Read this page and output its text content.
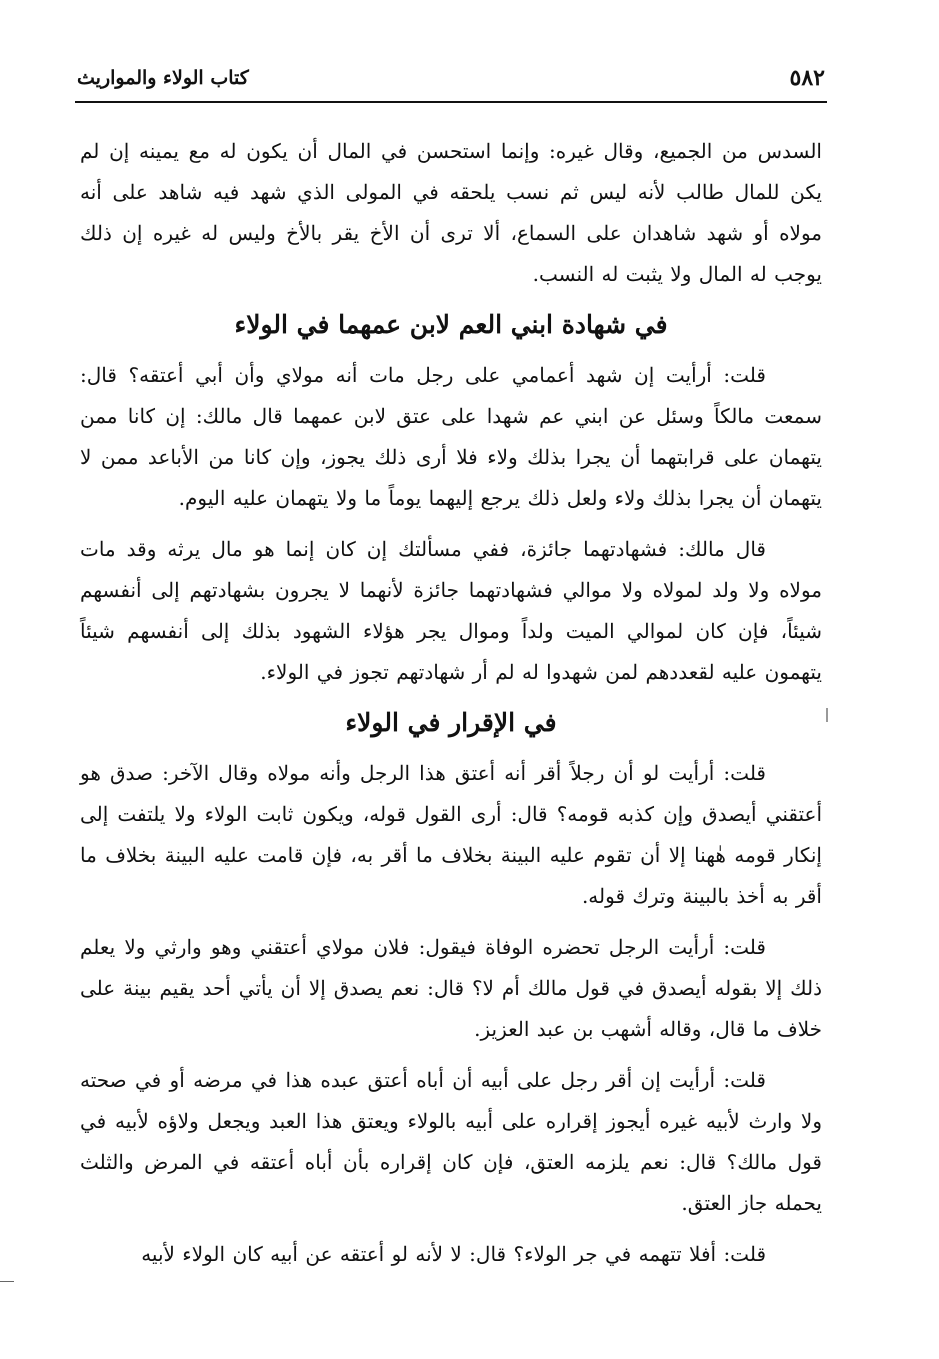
٥٨٢
كتاب الولاء والمواريث

السدس من الجميع، وقال غيره: وإنما استحسن في المال أن يكون له مع يمينه إن لم يكن للمال طالب لأنه ليس ثم نسب يلحقه في المولى الذي شهد فيه شاهد على أنه مولاه أو شهد شاهدان على السماع، ألا ترى أن الأخ يقر بالأخ وليس له غيره إن ذلك يوجب له المال ولا يثبت له النسب.

في شهادة ابني العم لابن عمهما في الولاء

قلت: أرأيت إن شهد أعمامي على رجل مات أنه مولاي وأن أبي أعتقه؟ قال: سمعت مالكاً وسئل عن ابني عم شهدا على عتق لابن عمهما قال مالك: إن كانا ممن يتهمان على قرابتهما أن يجرا بذلك ولاء فلا أرى ذلك يجوز، وإن كانا من الأباعد ممن لا يتهمان أن يجرا بذلك ولاء ولعل ذلك يرجع إليهما يوماً ما ولا يتهمان عليه اليوم.

قال مالك: فشهادتهما جائزة، ففي مسألتك إن كان إنما هو مال يرثه وقد مات مولاه ولا ولد لمولاه ولا موالي فشهادتهما جائزة لأنهما لا يجرون بشهادتهم إلى أنفسهم شيئاً، فإن كان لموالي الميت ولداً وموال يجر هؤلاء الشهود بذلك إلى أنفسهم شيئاً يتهمون عليه لقعددهم لمن شهدوا له لم أر شهادتهم تجوز في الولاء.

في الإقرار في الولاء

قلت: أرأيت لو أن رجلاً أقر أنه أعتق هذا الرجل وأنه مولاه وقال الآخر: صدق هو أعتقني أيصدق وإن كذبه قومه؟ قال: أرى القول قوله، ويكون ثابت الولاء ولا يلتفت إلى إنكار قومه هٰهنا إلا أن تقوم عليه البينة بخلاف ما أقر به، فإن قامت عليه البينة بخلاف ما أقر به أخذ بالبينة وترك قوله.

قلت: أرأيت الرجل تحضره الوفاة فيقول: فلان مولاي أعتقني وهو وارثي ولا يعلم ذلك إلا بقوله أيصدق في قول مالك أم لا؟ قال: نعم يصدق إلا أن يأتي أحد يقيم بينة على خلاف ما قال، وقاله أشهب بن عبد العزيز.

قلت: أرأيت إن أقر رجل على أبيه أن أباه أعتق عبده هذا في مرضه أو في صحته ولا وارث لأبيه غيره أيجوز إقراره على أبيه بالولاء ويعتق هذا العبد ويجعل ولاؤه لأبيه في قول مالك؟ قال: نعم يلزمه العتق، فإن كان إقراره بأن أباه أعتقه في المرض والثلث يحمله جاز العتق.

قلت: أفلا تتهمه في جر الولاء؟ قال: لا لأنه لو أعتقه عن أبيه كان الولاء لأبيه
